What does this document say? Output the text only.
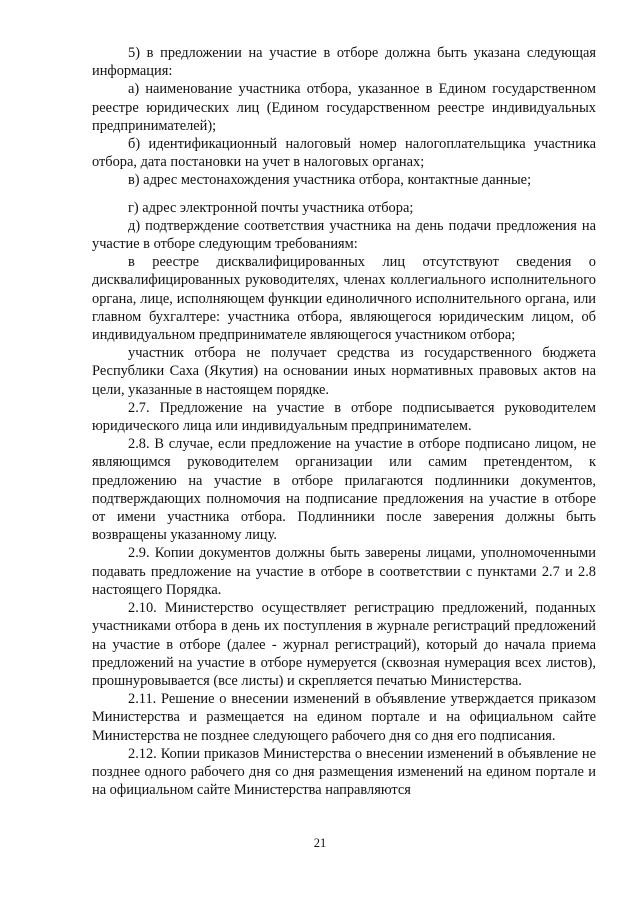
5) в предложении на участие в отборе должна быть указана следующая информация:

а) наименование участника отбора, указанное в Едином государственном реестре юридических лиц (Едином государственном реестре индивидуальных предпринимателей);

б) идентификационный налоговый номер налогоплательщика участника отбора, дата постановки на учет в налоговых органах;

в) адрес местонахождения участника отбора, контактные данные;

г) адрес электронной почты участника отбора;

д) подтверждение соответствия участника на день подачи предложения на участие в отборе следующим требованиям:

в реестре дисквалифицированных лиц отсутствуют сведения о дисквалифицированных руководителях, членах коллегиального исполнительного органа, лице, исполняющем функции единоличного исполнительного органа, или главном бухгалтере: участника отбора, являющегося юридическим лицом, об индивидуальном предпринимателе являющегося участником отбора;

участник отбора не получает средства из государственного бюджета Республики Саха (Якутия) на основании иных нормативных правовых актов на цели, указанные в настоящем порядке.

2.7. Предложение на участие в отборе подписывается руководителем юридического лица или индивидуальным предпринимателем.

2.8. В случае, если предложение на участие в отборе подписано лицом, не являющимся руководителем организации или самим претендентом, к предложению на участие в отборе прилагаются подлинники документов, подтверждающих полномочия на подписание предложения на участие в отборе от имени участника отбора. Подлинники после заверения должны быть возвращены указанному лицу.

2.9. Копии документов должны быть заверены лицами, уполномоченными подавать предложение на участие в отборе в соответствии с пунктами 2.7 и 2.8 настоящего Порядка.

2.10. Министерство осуществляет регистрацию предложений, поданных участниками отбора в день их поступления в журнале регистраций предложений на участие в отборе (далее - журнал регистраций), который до начала приема предложений на участие в отборе нумеруется (сквозная нумерация всех листов), прошнуровывается (все листы) и скрепляется печатью Министерства.

2.11. Решение о внесении изменений в объявление утверждается приказом Министерства и размещается на едином портале и на официальном сайте Министерства не позднее следующего рабочего дня со дня его подписания.

2.12. Копии приказов Министерства о внесении изменений в объявление не позднее одного рабочего дня со дня размещения изменений на едином портале и на официальном сайте Министерства направляются

21
